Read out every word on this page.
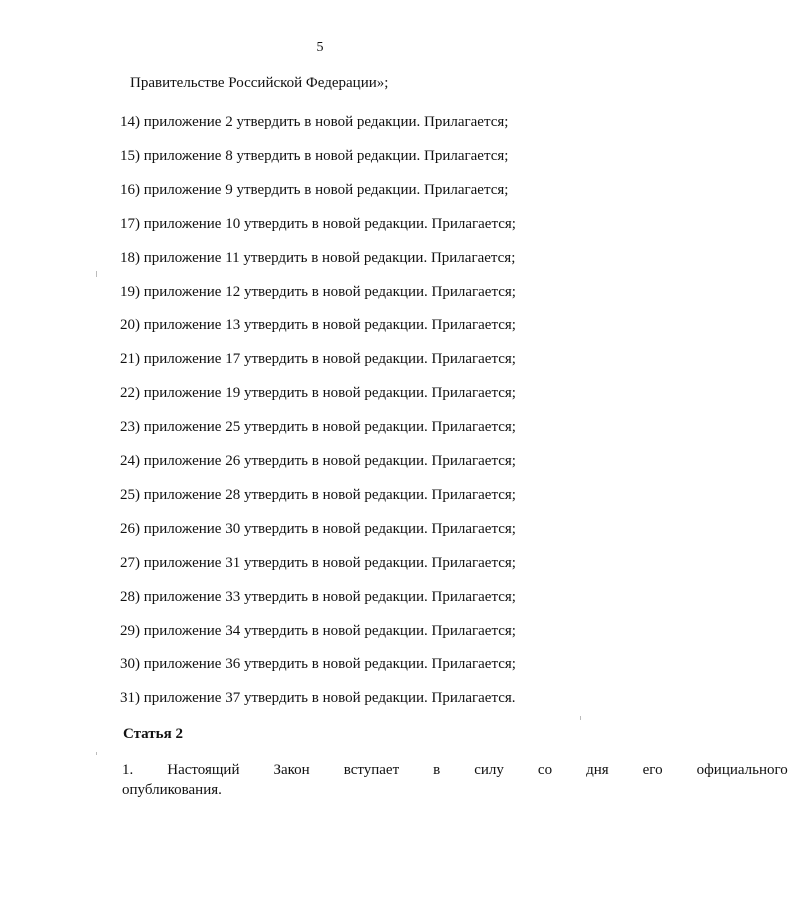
5
Правительстве Российской Федерации»;
14) приложение 2 утвердить в новой редакции. Прилагается;
15) приложение 8 утвердить в новой редакции. Прилагается;
16) приложение 9 утвердить в новой редакции. Прилагается;
17) приложение 10 утвердить в новой редакции. Прилагается;
18) приложение 11 утвердить в новой редакции. Прилагается;
19) приложение 12 утвердить в новой редакции. Прилагается;
20) приложение 13 утвердить в новой редакции. Прилагается;
21) приложение 17 утвердить в новой редакции. Прилагается;
22) приложение 19 утвердить в новой редакции. Прилагается;
23) приложение 25 утвердить в новой редакции. Прилагается;
24) приложение 26 утвердить в новой редакции. Прилагается;
25) приложение 28 утвердить в новой редакции. Прилагается;
26) приложение 30 утвердить в новой редакции. Прилагается;
27) приложение 31 утвердить в новой редакции. Прилагается;
28) приложение 33 утвердить в новой редакции. Прилагается;
29) приложение 34 утвердить в новой редакции. Прилагается;
30) приложение 36 утвердить в новой редакции. Прилагается;
31) приложение 37 утвердить в новой редакции. Прилагается.
Статья 2
1.	Настоящий	Закон	вступает	в	силу	со	дня	его	официального
опубликования.
